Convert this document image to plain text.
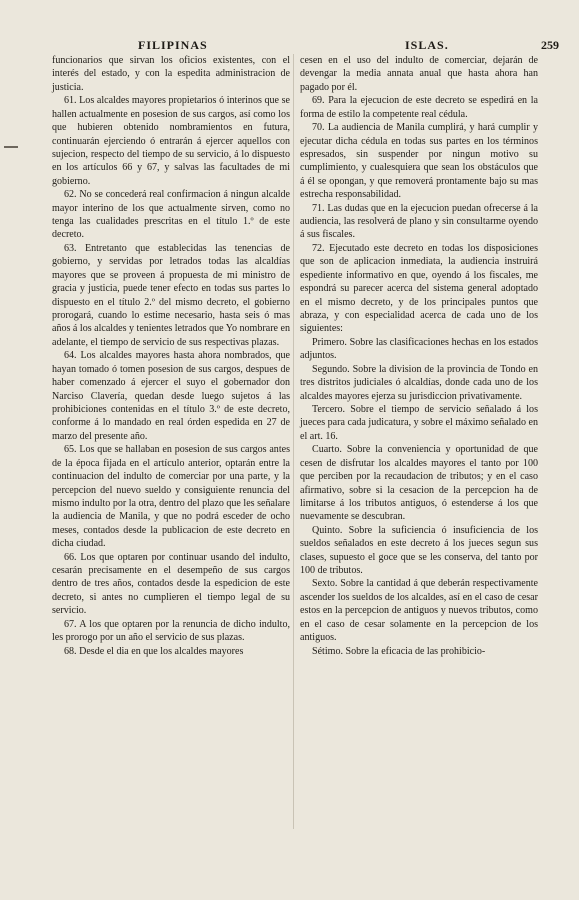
FILIPINAS	ISLAS.	259

funcionarios que sirvan los oficios existentes, con el interés del estado, y con la espedita administracion de justicia.

61. Los alcaldes mayores propietarios ó interinos que se hallen actualmente en posesion de sus cargos, así como los que hubieren obtenido nombramientos en futura, continuarán ejerciendo ó entrarán á ejercer aquellos con sujecion, respecto del tiempo de su servicio, á lo dispuesto en los artículos 66 y 67, y salvas las facultades de mi gobierno.

62. No se concederá real confirmacion á ningun alcalde mayor interino de los que actualmente sirven, como no tenga las cualidades prescritas en el título 1.º de este decreto.

63. Entretanto que establecidas las tenencias de gobierno, y servidas por letrados todas las alcaldías mayores que se proveen á propuesta de mi ministro de gracia y justicia, puede tener efecto en todas sus partes lo dispuesto en el título 2.º del mismo decreto, el gobierno prorogará, cuando lo estime necesario, hasta seis ó mas años á los alcaldes y tenientes letrados que Yo nombrare en adelante, el tiempo de servicio de sus respectivas plazas.

64. Los alcaldes mayores hasta ahora nombrados, que hayan tomado ó tomen posesion de sus cargos, despues de haber comenzado á ejercer el suyo el gobernador don Narciso Clavería, quedan desde luego sujetos á las prohibiciones contenidas en el título 3.º de este decreto, conforme á lo mandado en real órden espedida en 27 de marzo del presente año.

65. Los que se hallaban en posesion de sus cargos antes de la época fijada en el artículo anterior, optarán entre la continuacion del indulto de comerciar por una parte, y la percepcion del nuevo sueldo y consiguiente renuncia del mismo indulto por la otra, dentro del plazo que les señalare la audiencia de Manila, y que no podrá esceder de ocho meses, contados desde la publicacion de este decreto en dicha ciudad.

66. Los que optaren por continuar usando del indulto, cesarán precisamente en el desempeño de sus cargos dentro de tres años, contados desde la espedicion de este decreto, si antes no cumplieren el tiempo legal de su servicio.

67. A los que optaren por la renuncia de dicho indulto, les prorogo por un año el servicio de sus plazas.

68. Desde el dia en que los alcaldes mayores

cesen en el uso del indulto de comerciar, dejarán de devengar la media annata anual que hasta ahora han pagado por él.

69. Para la ejecucion de este decreto se espedirá en la forma de estilo la competente real cédula.

70. La audiencia de Manila cumplirá, y hará cumplir y ejecutar dicha cédula en todas sus partes en los términos espresados, sin suspender por ningun motivo su cumplimiento, y cualesquiera que sean los obstáculos que á él se opongan, y que removerá prontamente bajo su mas estrecha responsabilidad.

71. Las dudas que en la ejecucion puedan ofrecerse á la audiencia, las resolverá de plano y sin consultarme oyendo á sus fiscales.

72. Ejecutado este decreto en todas los disposiciones que son de aplicacion inmediata, la audiencia instruirá espediente informativo en que, oyendo á los fiscales, me espondrá su parecer acerca del sistema general adoptado en el mismo decreto, y de los principales puntos que abraza, y con especialidad acerca de cada uno de los siguientes:

Primero. Sobre las clasificaciones hechas en los estados adjuntos.

Segundo. Sobre la division de la provincia de Tondo en tres distritos judiciales ó alcaldías, donde cada uno de los alcaldes mayores ejerza su jurisdiccion privativamente.

Tercero. Sobre el tiempo de servicio señalado á los jueces para cada judicatura, y sobre el máximo señalado en el art. 16.

Cuarto. Sobre la conveniencia y oportunidad de que cesen de disfrutar los alcaldes mayores el tanto por 100 que perciben por la recaudacion de tributos; y en el caso afirmativo, sobre si la cesacion de la percepcion ha de limitarse á los tributos antiguos, ó estenderse á los que nuevamente se descubran.

Quinto. Sobre la suficiencia ó insuficiencia de los sueldos señalados en este decreto á los jueces segun sus clases, supuesto el goce que se les conserva, del tanto por 100 de tributos.

Sexto. Sobre la cantidad á que deberán respectivamente ascender los sueldos de los alcaldes, así en el caso de cesar estos en la percepcion de antiguos y nuevos tributos, como en el caso de cesar solamente en la percepcion de los antiguos.

Sétimo. Sobre la eficacia de las prohibicio-
